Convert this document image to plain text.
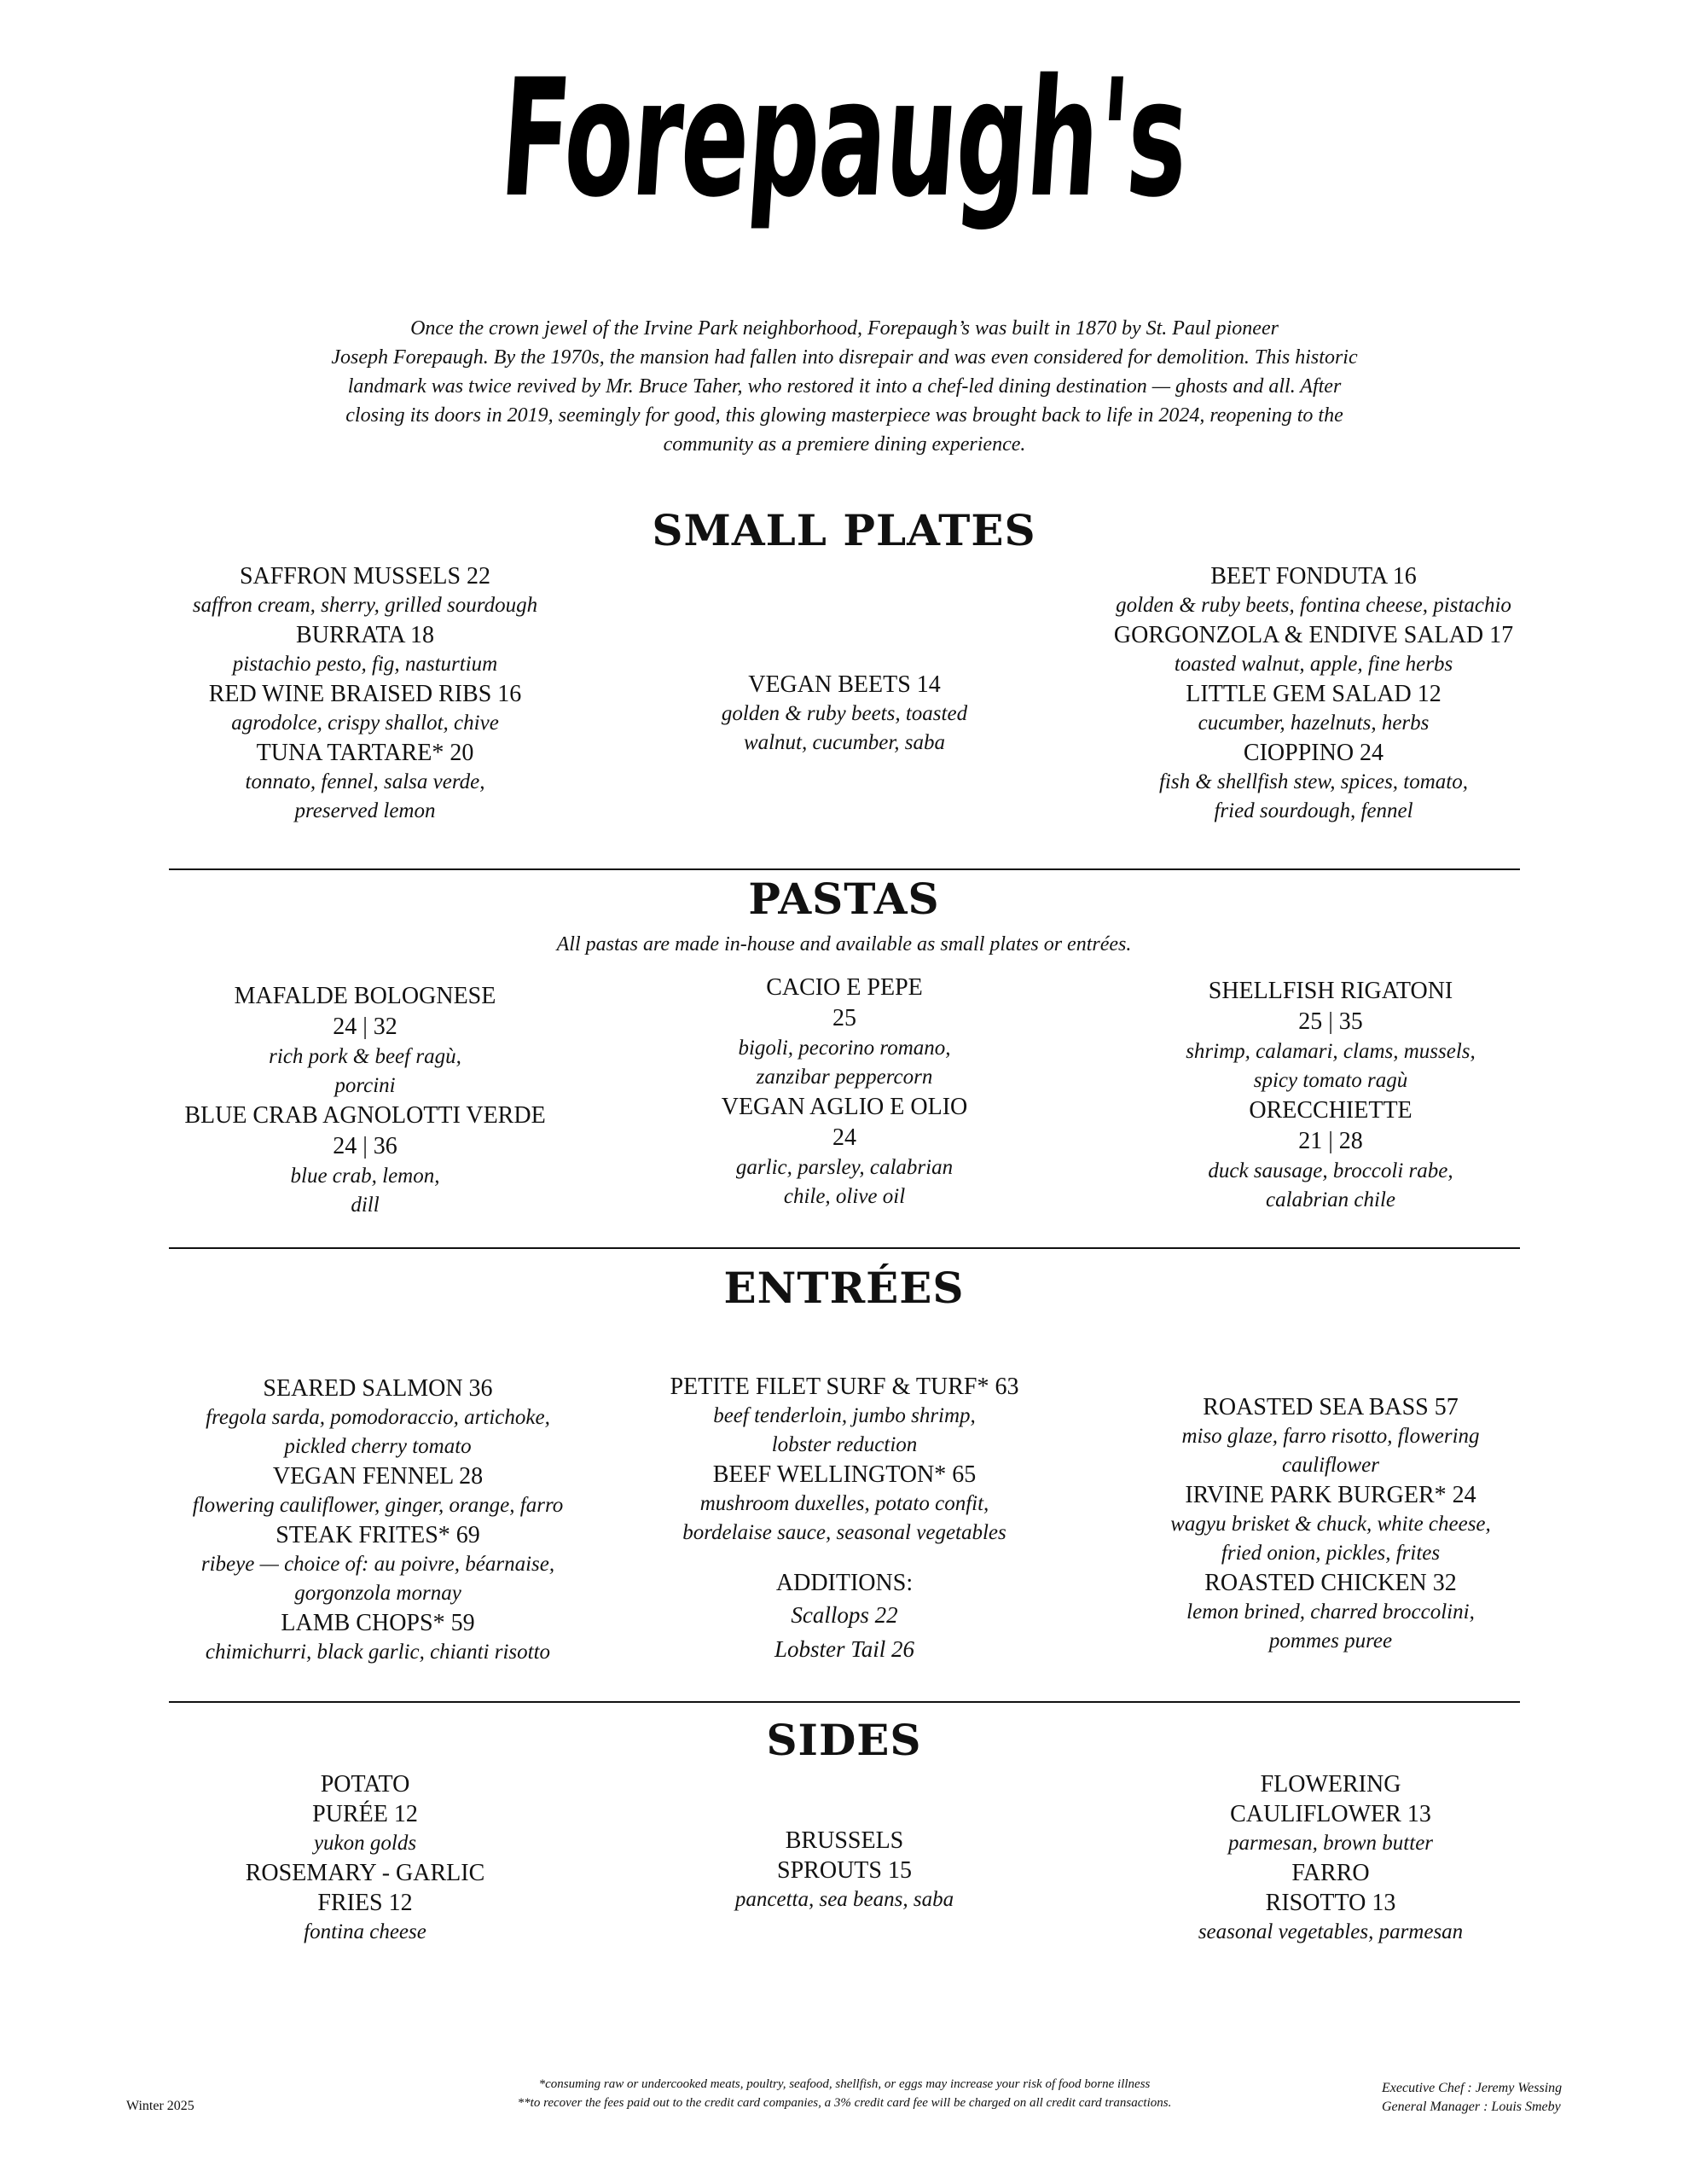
Forepaugh's
Once the crown jewel of the Irvine Park neighborhood, Forepaugh’s was built in 1870 by St. Paul pioneer
Joseph Forepaugh. By the 1970s, the mansion had fallen into disrepair and was even considered for demolition. This historic
landmark was twice revived by Mr. Bruce Taher, who restored it into a chef-led dining destination — ghosts and all. After
closing its doors in 2019, seemingly for good, this glowing masterpiece was brought back to life in 2024, reopening to the
community as a premiere dining experience.
SMALL PLATES
SAFFRON MUSSELS 22
saffron cream, sherry, grilled sourdough
BURRATA 18
pistachio pesto, fig, nasturtium
RED WINE BRAISED RIBS 16
agrodolce, crispy shallot, chive
TUNA TARTARE* 20
tonnato, fennel, salsa verde,
preserved lemon
VEGAN BEETS 14
golden & ruby beets, toasted
walnut, cucumber, saba
BEET FONDUTA 16
golden & ruby beets, fontina cheese, pistachio
GORGONZOLA & ENDIVE SALAD 17
toasted walnut, apple, fine herbs
LITTLE GEM SALAD 12
cucumber, hazelnuts, herbs
CIOPPINO 24
fish & shellfish stew, spices, tomato,
fried sourdough, fennel
PASTAS
All pastas are made in-house and available as small plates or entrées.
MAFALDE BOLOGNESE
24 | 32
rich pork & beef ragù,
porcini
BLUE CRAB AGNOLOTTI VERDE
24 | 36
blue crab, lemon,
dill
CACIO E PEPE
25
bigoli, pecorino romano,
zanzibar peppercorn
VEGAN AGLIO E OLIO
24
garlic, parsley, calabrian
chile, olive oil
SHELLFISH RIGATONI
25 | 35
shrimp, calamari, clams, mussels,
spicy tomato ragù
ORECCHIETTE
21 | 28
duck sausage, broccoli rabe,
calabrian chile
ENTRÉES
SEARED SALMON 36
fregola sarda, pomodoraccio, artichoke,
pickled cherry tomato
VEGAN FENNEL 28
flowering cauliflower, ginger, orange, farro
STEAK FRITES* 69
ribeye — choice of: au poivre, béarnaise,
gorgonzola mornay
LAMB CHOPS* 59
chimichurri, black garlic, chianti risotto
PETITE FILET SURF & TURF* 63
beef tenderloin, jumbo shrimp,
lobster reduction
BEEF WELLINGTON* 65
mushroom duxelles, potato confit,
bordelaise sauce, seasonal vegetables
ADDITIONS:
Scallops 22
Lobster Tail 26
ROASTED SEA BASS 57
miso glaze, farro risotto, flowering
cauliflower
IRVINE PARK BURGER* 24
wagyu brisket & chuck, white cheese,
fried onion, pickles, frites
ROASTED CHICKEN 32
lemon brined, charred broccolini,
pommes puree
SIDES
POTATO
PURÉE 12
yukon golds
ROSEMARY - GARLIC
FRIES 12
fontina cheese
BRUSSELS
SPROUTS 15
pancetta, sea beans, saba
FLOWERING
CAULIFLOWER 13
parmesan, brown butter
FARRO
RISOTTO 13
seasonal vegetables, parmesan
*consuming raw or undercooked meats, poultry, seafood, shellfish, or eggs may increase your risk of food borne illness
**to recover the fees paid out to the credit card companies, a 3% credit card fee will be charged on all credit card transactions.
Winter 2025
Executive Chef : Jeremy Wessing
General Manager : Louis Smeby
